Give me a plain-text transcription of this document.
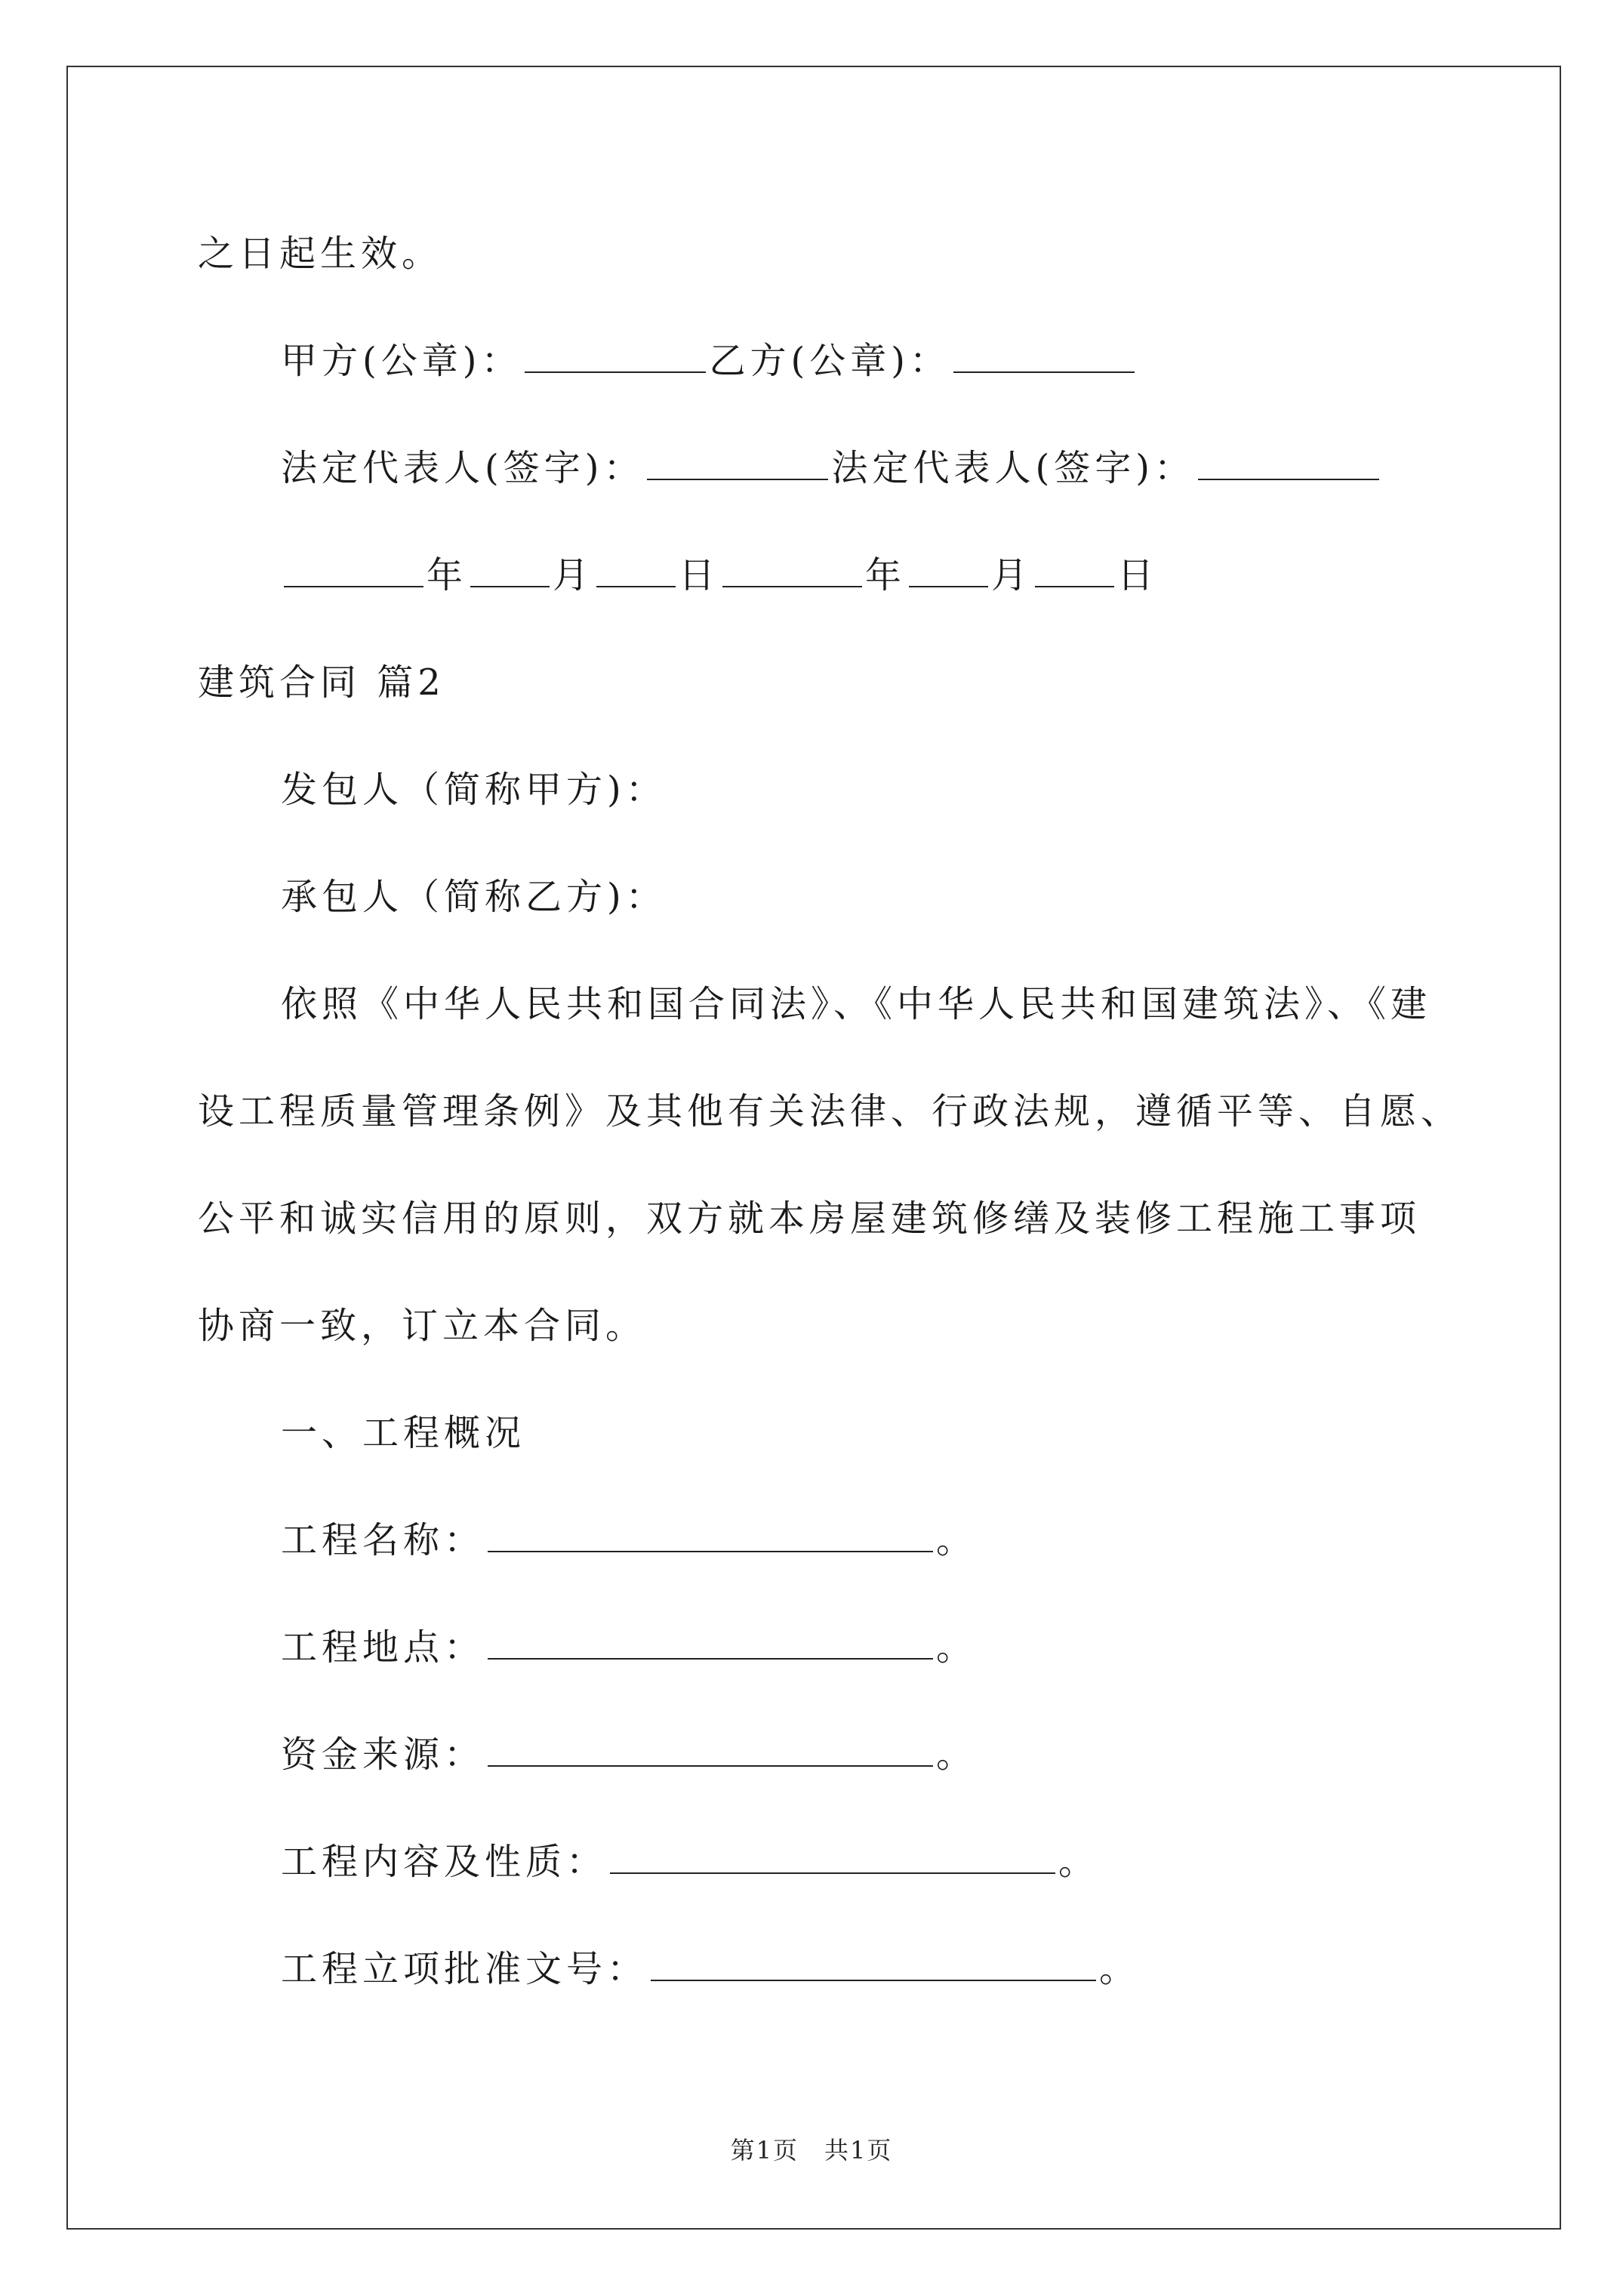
之日起生效。
甲方(公章)：	乙方(公章)：
法定代表人(签字)：	法定代表人(签字)：
年 月 日	年 月 日
建筑合同 篇2
发包人（简称甲方)：
承包人（简称乙方)：
依照《中华人民共和国合同法》、《中华人民共和国建筑法》、《建
设工程质量管理条例》及其他有关法律、行政法规，遵循平等、自愿、
公平和诚实信用的原则，双方就本房屋建筑修缮及装修工程施工事项
协商一致，订立本合同。
一、工程概况
工程名称：	。
工程地点：	。
资金来源：	。
工程内容及性质：	。
工程立项批准文号：	。
第1页　共1页
